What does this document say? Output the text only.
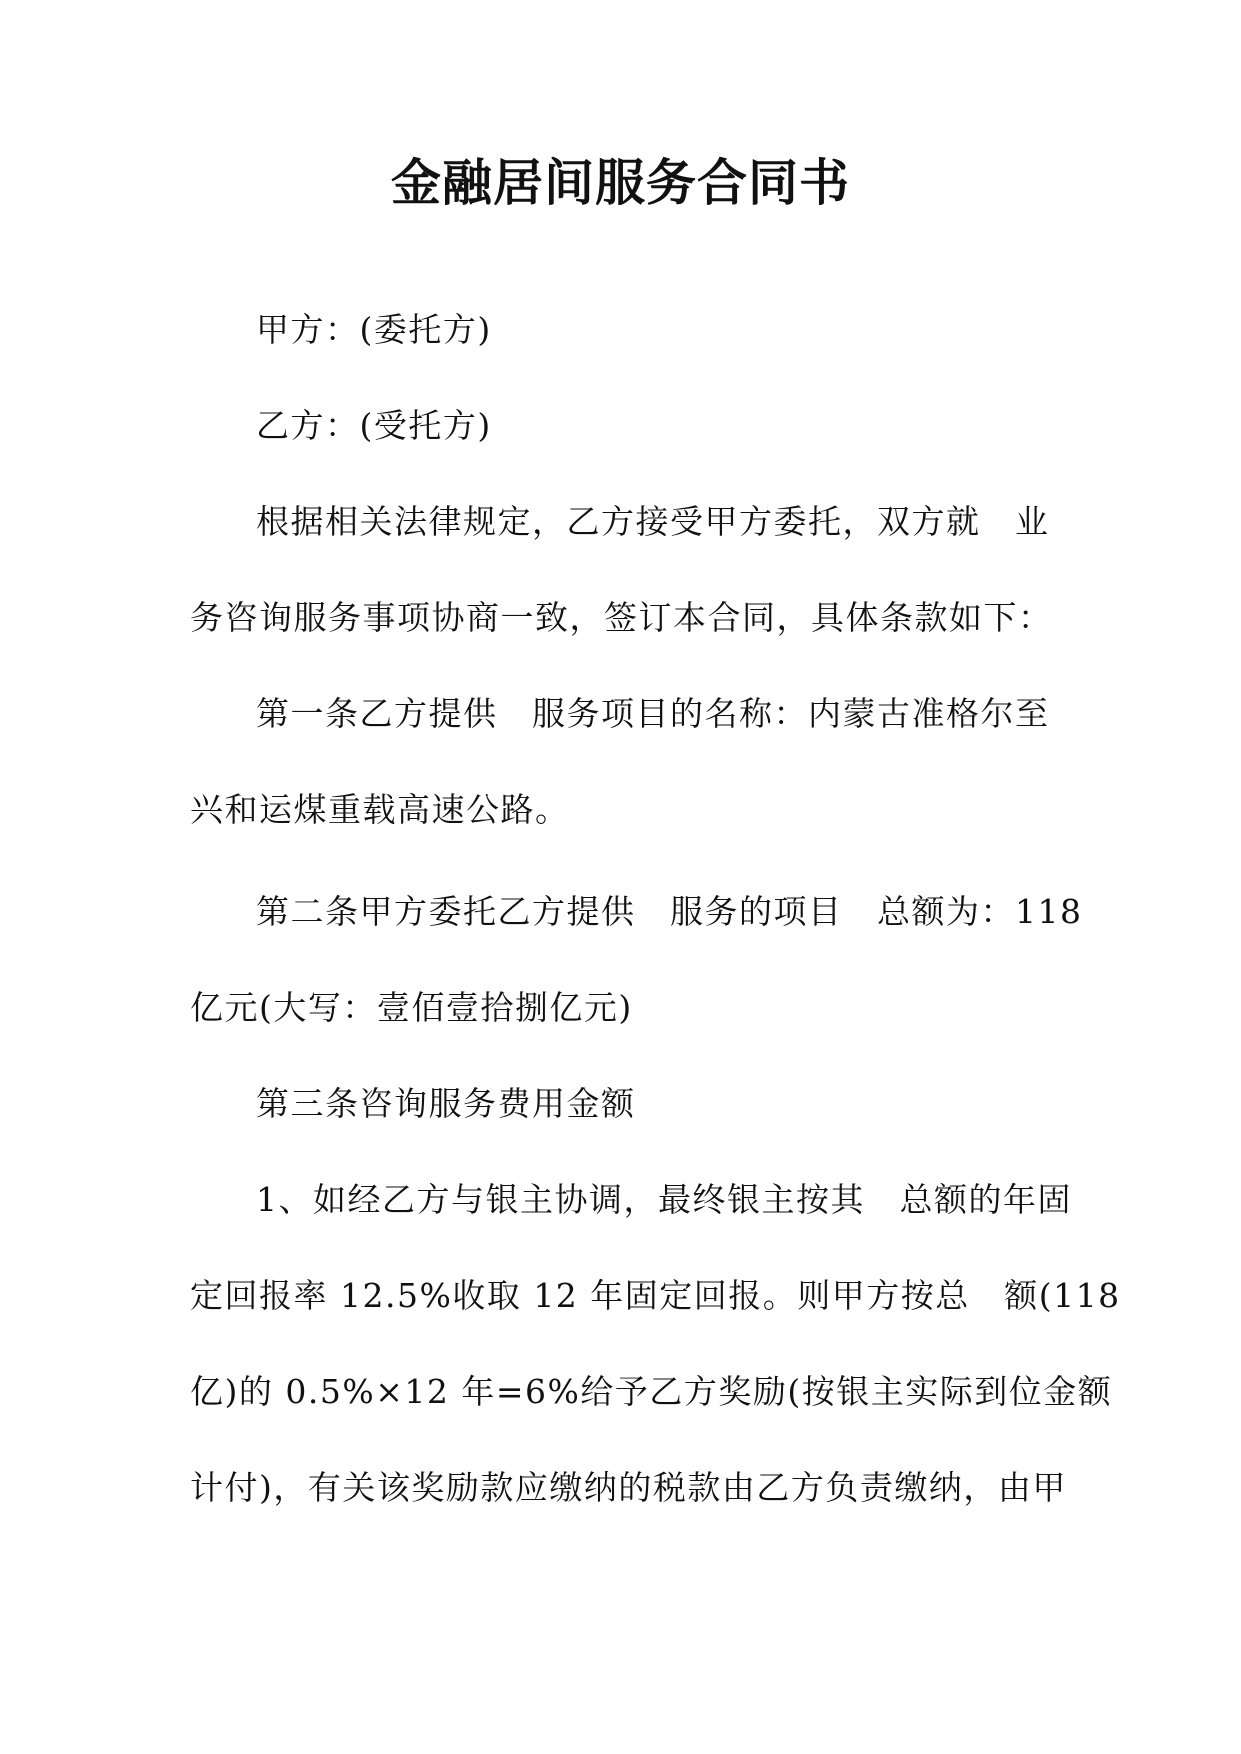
金融居间服务合同书
甲方：(委托方)
乙方：(受托方)
根据相关法律规定，乙方接受甲方委托，双方就　业
务咨询服务事项协商一致，签订本合同，具体条款如下：
第一条乙方提供　服务项目的名称：内蒙古准格尔至
兴和运煤重载高速公路。
第二条甲方委托乙方提供　服务的项目　总额为：118
亿元(大写：壹佰壹拾捌亿元)
第三条咨询服务费用金额
1、如经乙方与银主协调，最终银主按其　总额的年固
定回报率 12.5%收取 12 年固定回报。则甲方按总　额(118
亿)的 0.5%×12 年=6%给予乙方奖励(按银主实际到位金额
计付)，有关该奖励款应缴纳的税款由乙方负责缴纳，由甲
